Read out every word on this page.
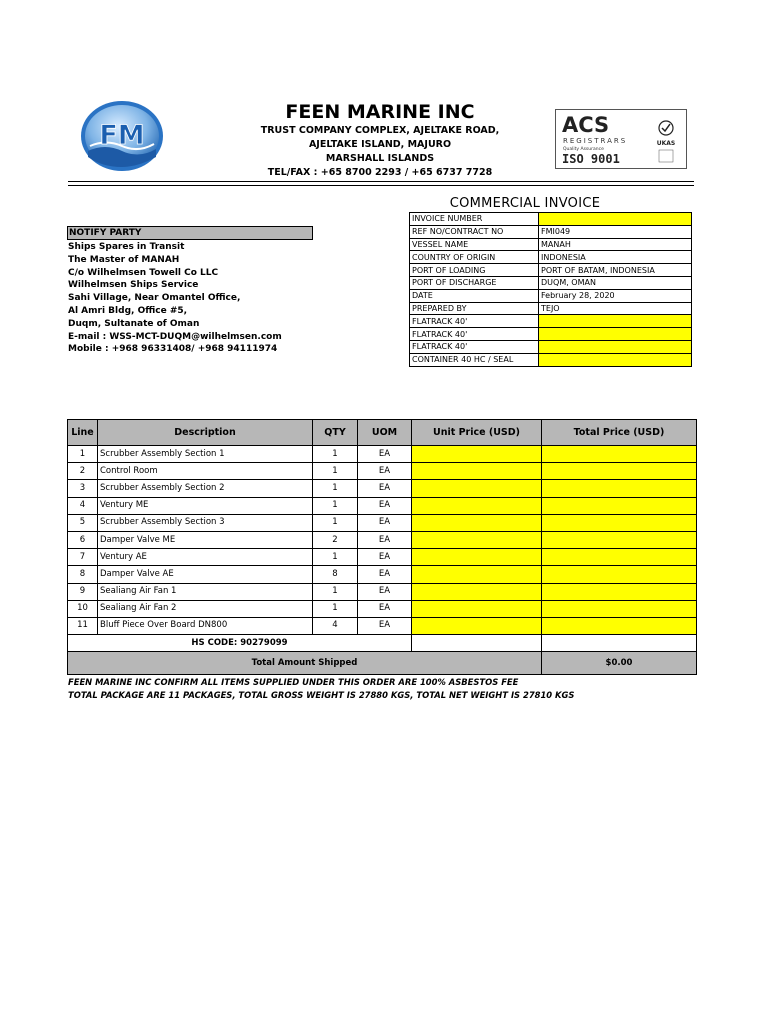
FM
FEEN MARINE INC
TRUST COMPANY COMPLEX, AJELTAKE ROAD,
AJELTAKE ISLAND, MAJURO
MARSHALL ISLANDS
TEL/FAX : +65 8700 2293 / +65 6737 7728
ACS
REGISTRARS
Quality Assurance
ISO 9001
UKAS
COMMERCIAL INVOICE
NOTIFY PARTY
Ships Spares in Transit
The Master of MANAH
C/o Wilhelmsen Towell Co LLC
Wilhelmsen Ships Service
Sahi Village, Near Omantel Office,
Al Amri Bldg, Office #5,
Duqm, Sultanate of Oman
E-mail : WSS-MCT-DUQM@wilhelmsen.com
Mobile : +968 96331408/ +968 94111974
INVOICE NUMBER	
REF NO/CONTRACT NO	FMI049
VESSEL NAME	MANAH
COUNTRY OF ORIGIN	INDONESIA
PORT OF LOADING	PORT OF BATAM, INDONESIA
PORT OF DISCHARGE	DUQM, OMAN
DATE	February 28, 2020
PREPARED BY	TEJO
FLATRACK 40'	
FLATRACK 40'	
FLATRACK 40'	
CONTAINER 40 HC / SEAL	
Line	Description	QTY	UOM	Unit Price (USD)	Total Price (USD)
1	Scrubber Assembly Section 1	1	EA		
2	Control Room	1	EA		
3	Scrubber Assembly Section 2	1	EA		
4	Ventury ME	1	EA		
5	Scrubber Assembly Section 3	1	EA		
6	Damper Valve ME	2	EA		
7	Ventury AE	1	EA		
8	Damper Valve AE	8	EA		
9	Sealiang Air Fan 1	1	EA		
10	Sealiang Air Fan 2	1	EA		
11	Bluff Piece Over Board DN800	4	EA		
HS CODE: 90279099					
Total Amount Shipped					$0.00
FEEN MARINE INC CONFIRM ALL ITEMS SUPPLIED UNDER THIS ORDER ARE 100% ASBESTOS FEE
TOTAL PACKAGE ARE 11 PACKAGES, TOTAL GROSS WEIGHT IS 27880 KGS, TOTAL NET WEIGHT IS 27810 KGS
